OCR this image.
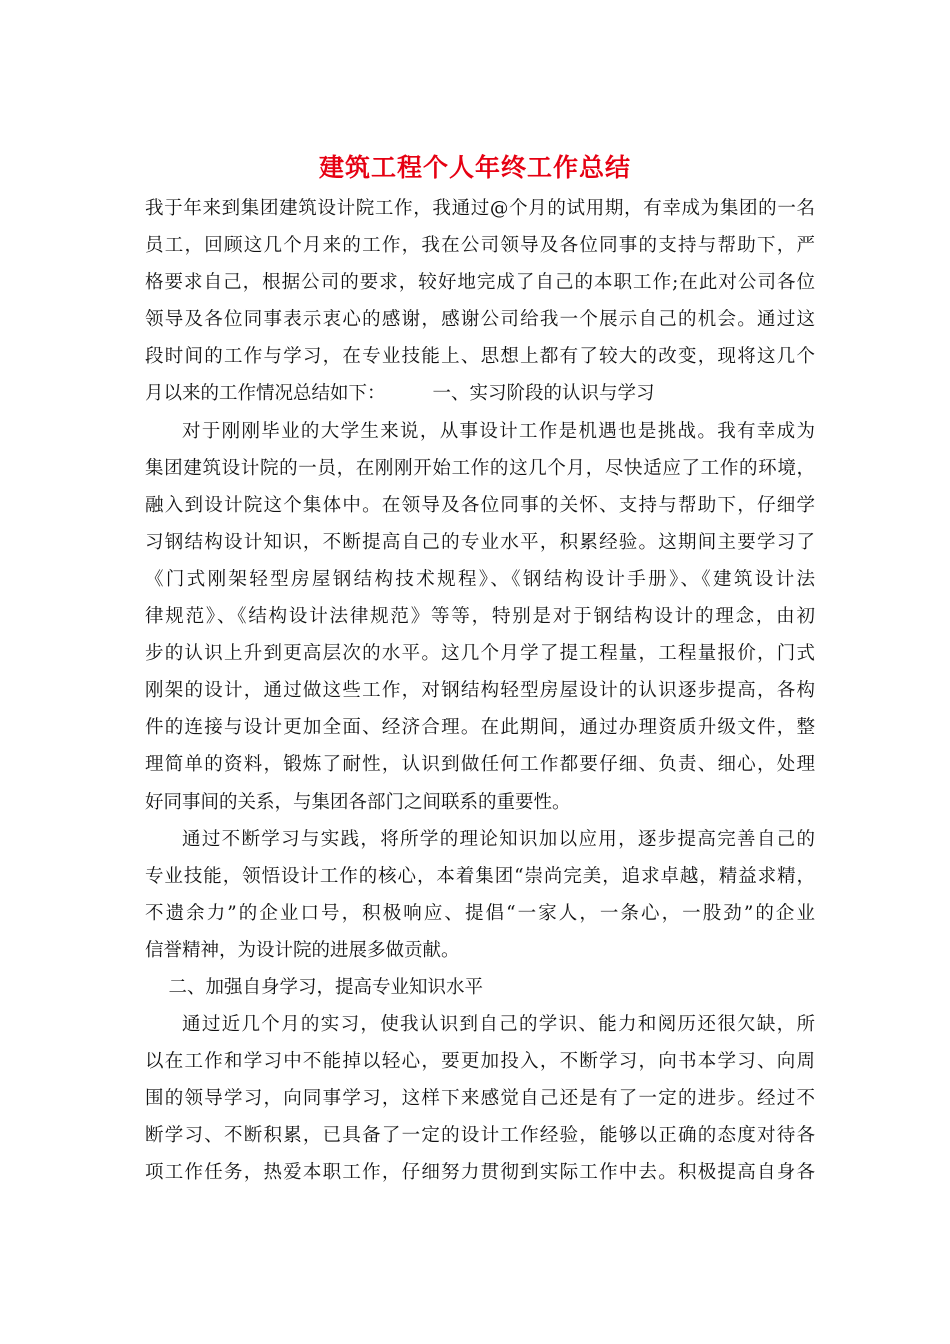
建筑工程个人年终工作总结
我于年来到集团建筑设计院工作，我通过@个月的试用期，有幸成为集团的一名
员工，回顾这几个月来的工作，我在公司领导及各位同事的支持与帮助下，严
格要求自己，根据公司的要求，较好地完成了自己的本职工作;在此对公司各位
领导及各位同事表示衷心的感谢，感谢公司给我一个展示自己的机会。通过这
段时间的工作与学习，在专业技能上、思想上都有了较大的改变，现将这几个
月以来的工作情况总结如下：        一、实习阶段的认识与学习
对于刚刚毕业的大学生来说，从事设计工作是机遇也是挑战。我有幸成为
集团建筑设计院的一员，在刚刚开始工作的这几个月，尽快适应了工作的环境，
融入到设计院这个集体中。在领导及各位同事的关怀、支持与帮助下，仔细学
习钢结构设计知识，不断提高自己的专业水平，积累经验。这期间主要学习了
《门式刚架轻型房屋钢结构技术规程》、《钢结构设计手册》、《建筑设计法
律规范》、《结构设计法律规范》等等，特别是对于钢结构设计的理念，由初
步的认识上升到更高层次的水平。这几个月学了提工程量，工程量报价，门式
刚架的设计，通过做这些工作，对钢结构轻型房屋设计的认识逐步提高，各构
件的连接与设计更加全面、经济合理。在此期间，通过办理资质升级文件，整
理简单的资料，锻炼了耐性，认识到做任何工作都要仔细、负责、细心，处理
好同事间的关系，与集团各部门之间联系的重要性。
通过不断学习与实践，将所学的理论知识加以应用，逐步提高完善自己的
专业技能，领悟设计工作的核心，本着集团“崇尚完美，追求卓越，精益求精，
不遗余力”的企业口号，积极响应、提倡“一家人，一条心，一股劲”的企业
信誉精神，为设计院的进展多做贡献。
二、加强自身学习，提高专业知识水平
通过近几个月的实习，使我认识到自己的学识、能力和阅历还很欠缺，所
以在工作和学习中不能掉以轻心，要更加投入，不断学习，向书本学习、向周
围的领导学习，向同事学习，这样下来感觉自己还是有了一定的进步。经过不
断学习、不断积累，已具备了一定的设计工作经验，能够以正确的态度对待各
项工作任务，热爱本职工作，仔细努力贯彻到实际工作中去。积极提高自身各
